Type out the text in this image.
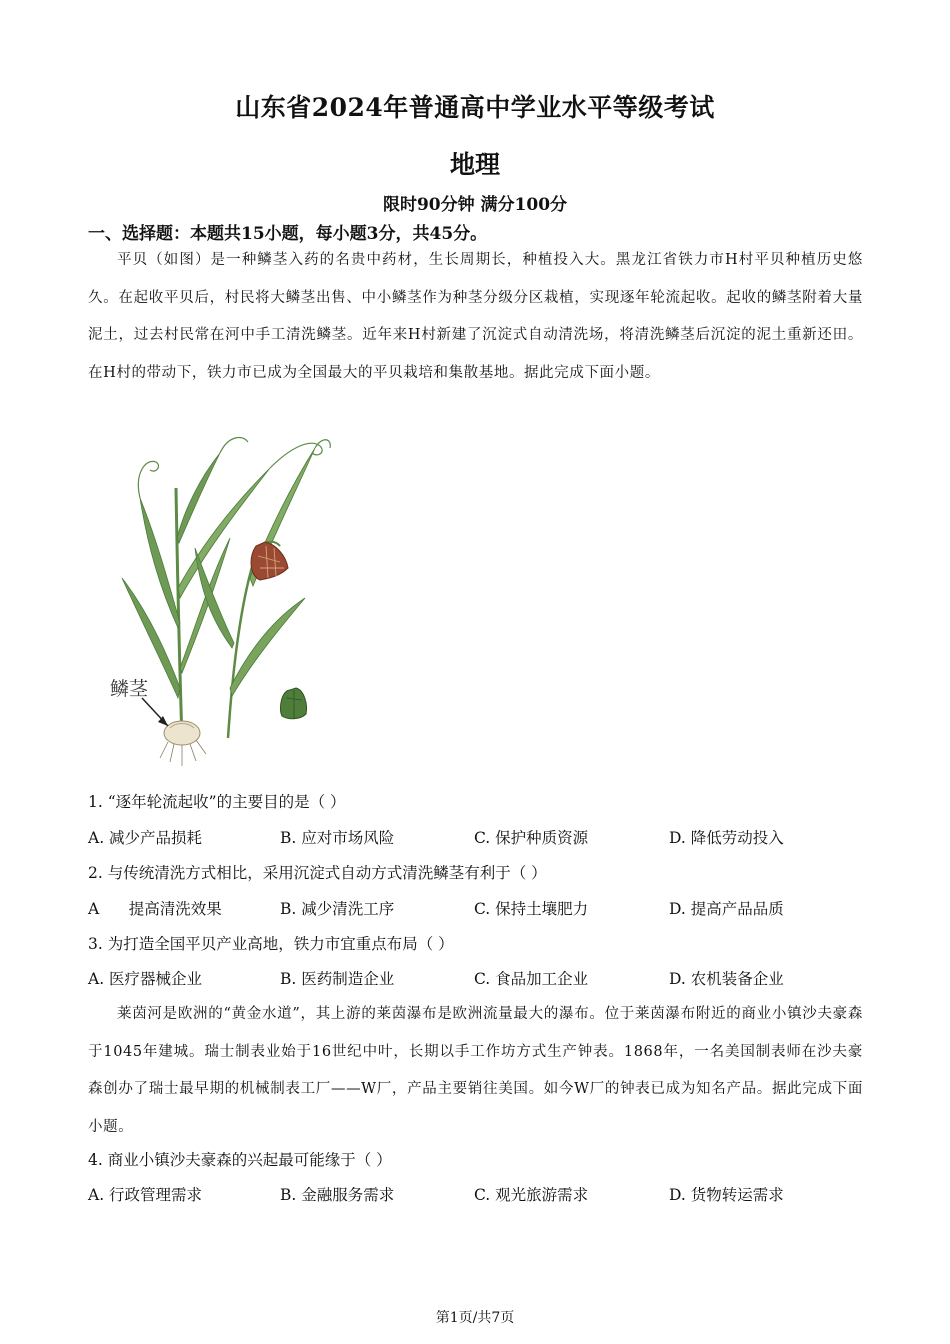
山东省2024年普通高中学业水平等级考试
地理
限时90分钟 满分100分
一、选择题：本题共15小题，每小题3分，共45分。
平贝（如图）是一种鳞茎入药的名贵中药材，生长周期长，种植投入大。黑龙江省铁力市H村平贝种植历史悠久。在起收平贝后，村民将大鳞茎出售、中小鳞茎作为种茎分级分区栽植，实现逐年轮流起收。起收的鳞茎附着大量泥土，过去村民常在河中手工清洗鳞茎。近年来H村新建了沉淀式自动清洗场，将清洗鳞茎后沉淀的泥土重新还田。在H村的带动下，铁力市已成为全国最大的平贝栽培和集散基地。据此完成下面小题。
鳞茎
1. “逐年轮流起收”的主要目的是（ ）
A. 减少产品损耗	B. 应对市场风险	C. 保护种质资源	D. 降低劳动投入
2. 与传统清洗方式相比，采用沉淀式自动方式清洗鳞茎有利于（ ）
A      提高清洗效果	B. 减少清洗工序	C. 保持土壤肥力	D. 提高产品品质
3. 为打造全国平贝产业高地，铁力市宜重点布局（ ）
A. 医疗器械企业	B. 医药制造企业	C. 食品加工企业	D. 农机装备企业
莱茵河是欧洲的“黄金水道”，其上游的莱茵瀑布是欧洲流量最大的瀑布。位于莱茵瀑布附近的商业小镇沙夫豪森于1045年建城。瑞士制表业始于16世纪中叶，长期以手工作坊方式生产钟表。1868年，一名美国制表师在沙夫豪森创办了瑞士最早期的机械制表工厂——W厂，产品主要销往美国。如今W厂的钟表已成为知名产品。据此完成下面小题。
4. 商业小镇沙夫豪森的兴起最可能缘于（ ）
A. 行政管理需求	B. 金融服务需求	C. 观光旅游需求	D. 货物转运需求
第1页/共7页
